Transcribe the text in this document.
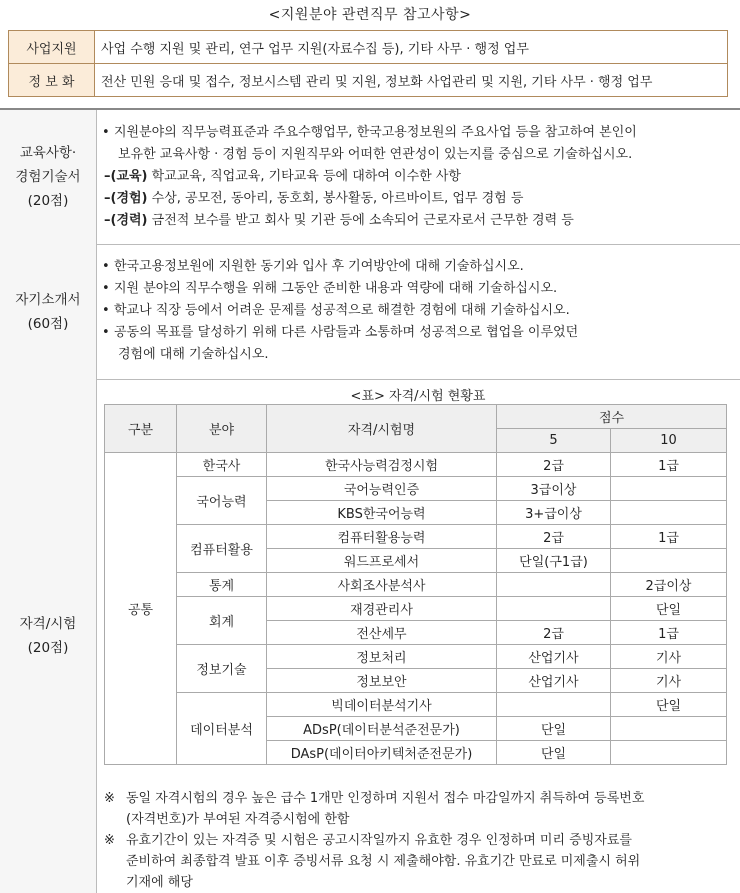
<지원분야 관련직무 참고사항>
사업지원	사업 수행 지원 및 관리, 연구 업무 지원(자료수집 등), 기타 사무 · 행정 업무
정 보 화	전산 민원 응대 및 접수, 정보시스템 관리 및 지원, 정보화 사업관리 및 지원, 기타 사무 · 행정 업무
교육사항·
경험기술서
(20점)
• 지원분야의 직무능력표준과 주요수행업무, 한국고용정보원의 주요사업 등을 참고하여 본인이
보유한 교육사항 · 경험 등이 지원직무와 어떠한 연관성이 있는지를 중심으로 기술하십시오.
–(교육) 학교교육, 직업교육, 기타교육 등에 대하여 이수한 사항
–(경험) 수상, 공모전, 동아리, 동호회, 봉사활동, 아르바이트, 업무 경험 등
–(경력) 금전적 보수를 받고 회사 및 기관 등에 소속되어 근로자로서 근무한 경력 등
자기소개서
(60점)
• 한국고용정보원에 지원한 동기와 입사 후 기여방안에 대해 기술하십시오.
• 지원 분야의 직무수행을 위해 그동안 준비한 내용과 역량에 대해 기술하십시오.
• 학교나 직장 등에서 어려운 문제를 성공적으로 해결한 경험에 대해 기술하십시오.
• 공동의 목표를 달성하기 위해 다른 사람들과 소통하며 성공적으로 협업을 이루었던
경험에 대해 기술하십시오.
자격/시험
(20점)
<표> 자격/시험 현황표
구분	분야	자격/시험명	점수	
			5	10
공통	한국사	한국사능력검정시험	2급	1급
	국어능력	국어능력인증	3급이상	
		KBS한국어능력	3+급이상	
	컴퓨터활용	컴퓨터활용능력	2급	1급
		워드프로세서	단일(구1급)	
	통계	사회조사분석사		2급이상
	회계	재경관리사		단일
		전산세무	2급	1급
	정보기술	정보처리	산업기사	기사
		정보보안	산업기사	기사
	데이터분석	빅데이터분석기사		단일
		ADsP(데이터분석준전문가)	단일	
		DAsP(데이터아키텍처준전문가)	단일	
※ 동일 자격시험의 경우 높은 급수 1개만 인정하며 지원서 접수 마감일까지 취득하여 등록번호
(자격번호)가 부여된 자격증시험에 한함
※ 유효기간이 있는 자격증 및 시험은 공고시작일까지 유효한 경우 인정하며 미리 증빙자료를
준비하여 최종합격 발표 이후 증빙서류 요청 시 제출해야함. 유효기간 만료로 미제출시 허위
기재에 해당
